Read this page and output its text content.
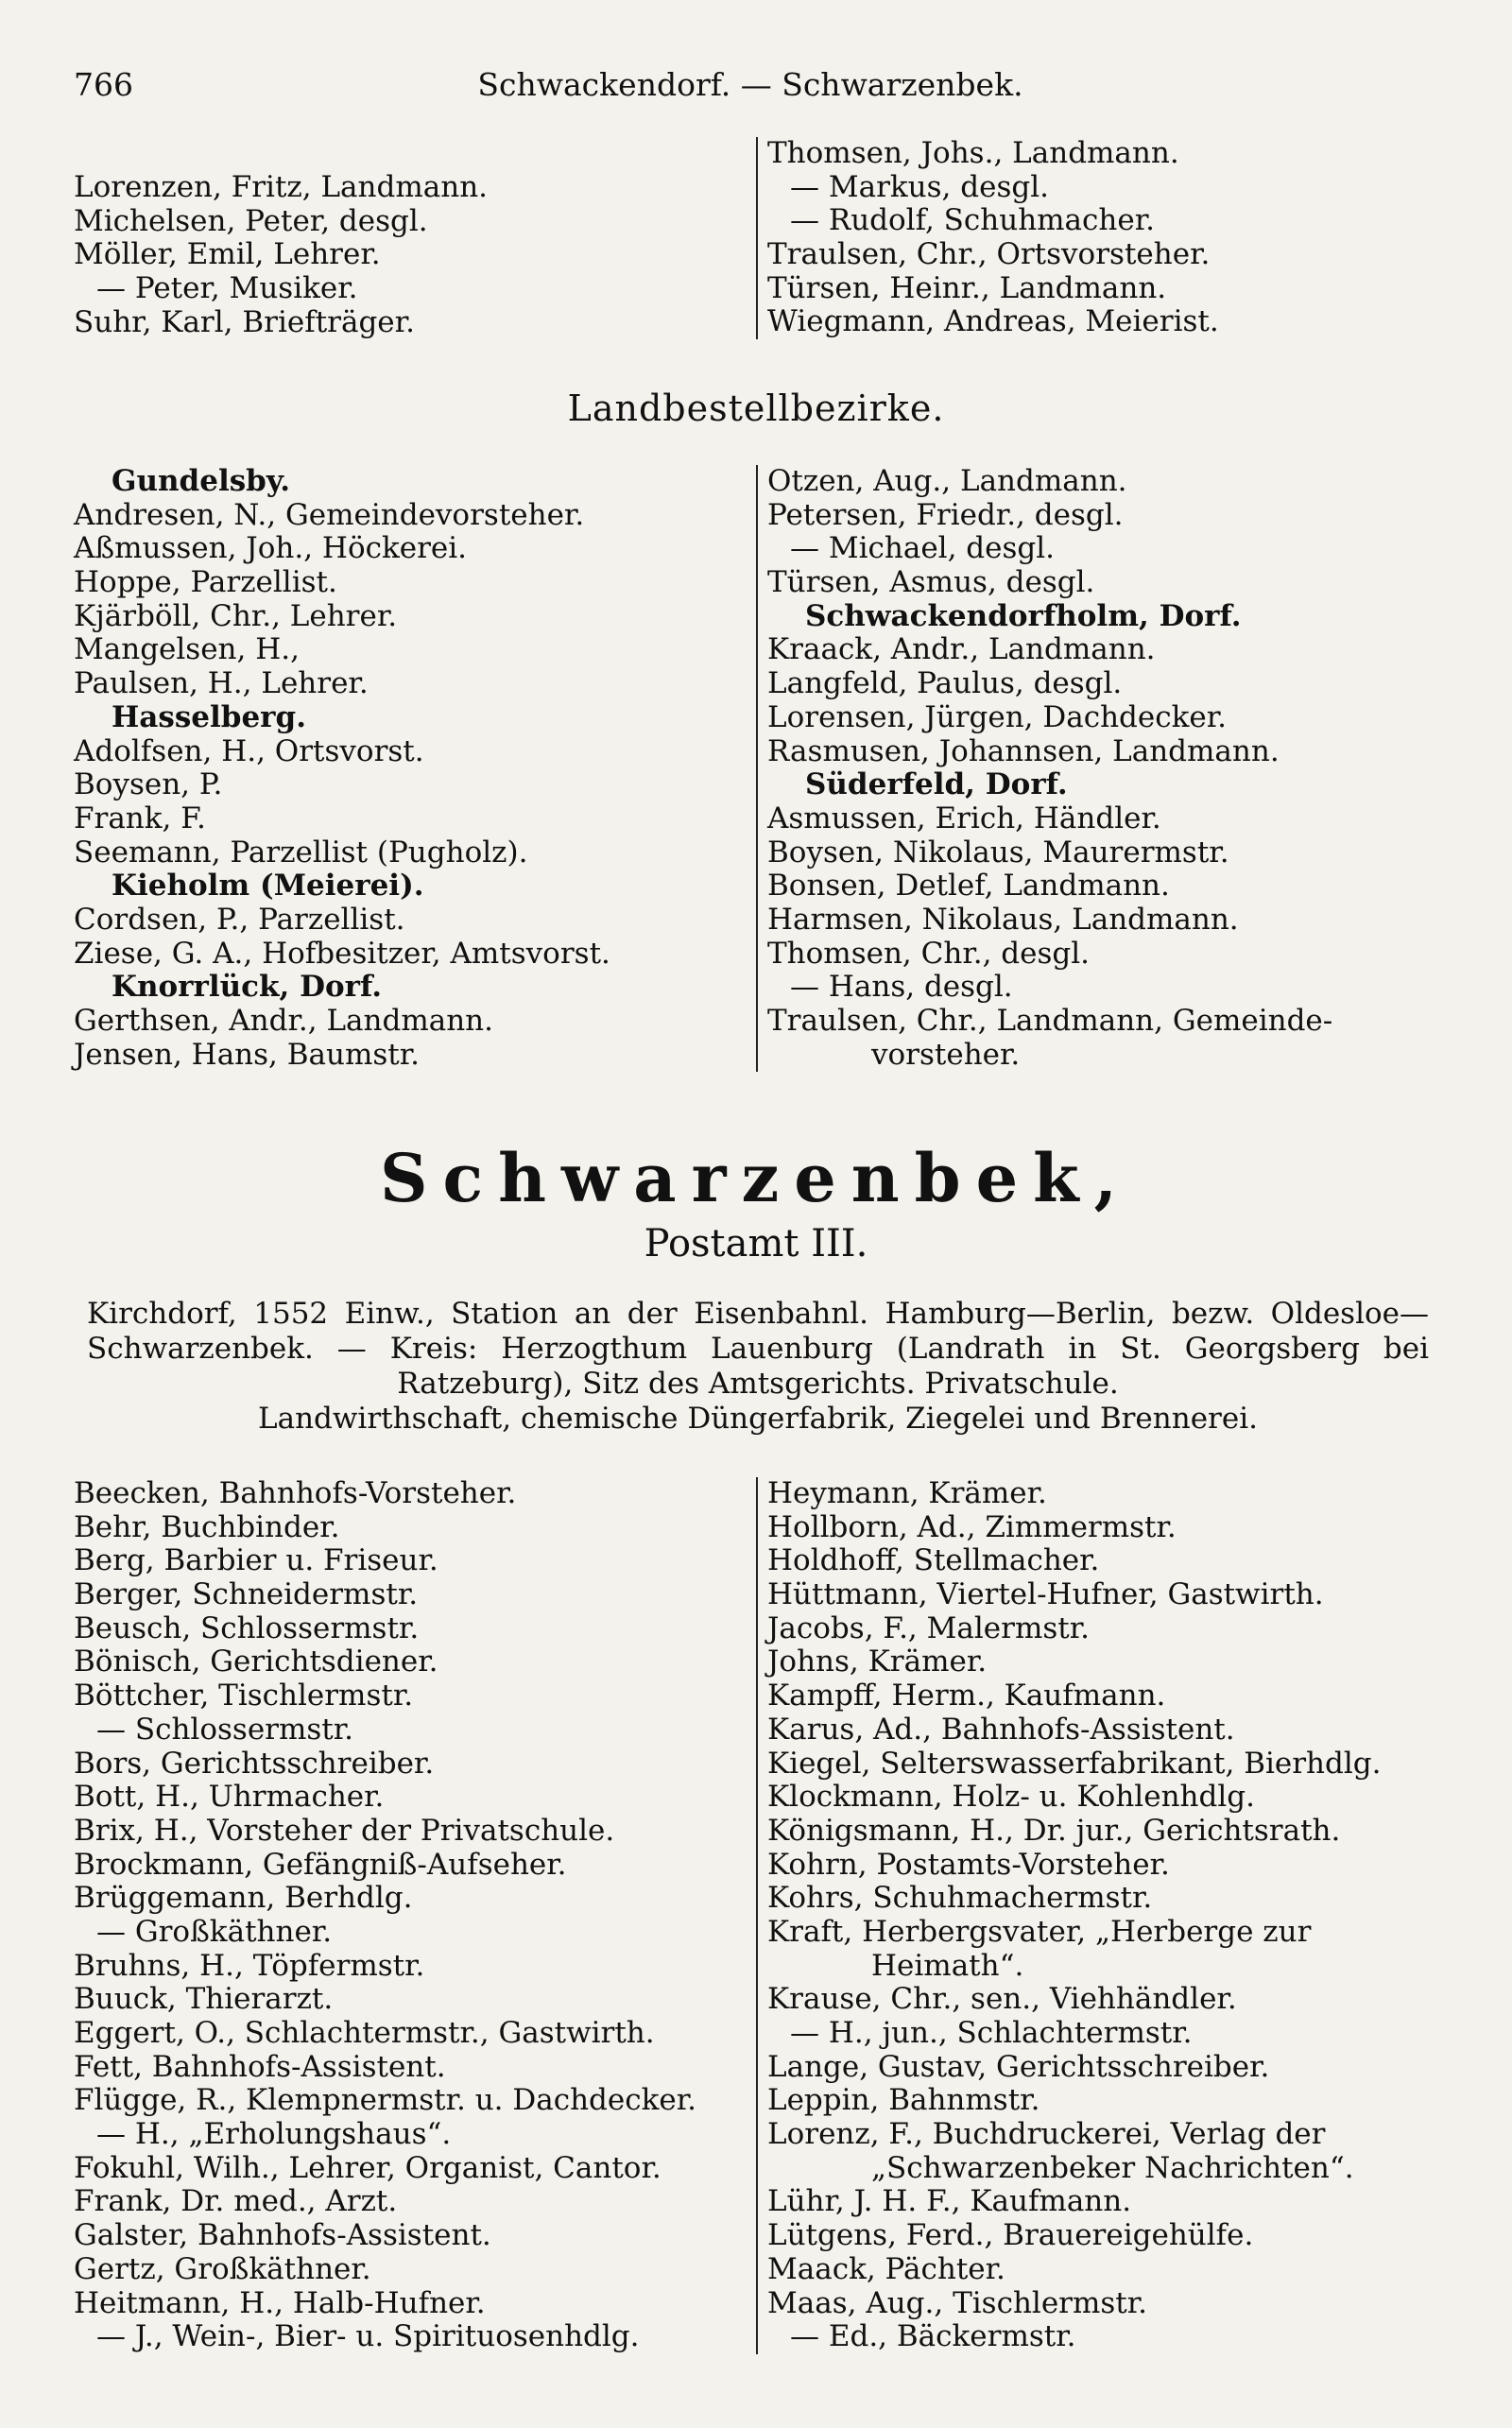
766	Schwackendorf. — Schwarzenbek.
Lorenzen, Fritz, Landmann.
Michelsen, Peter, desgl.
Möller, Emil, Lehrer.
— Peter, Musiker.
Suhr, Karl, Briefträger.
Thomsen, Johs., Landmann.
— Markus, desgl.
— Rudolf, Schuhmacher.
Traulsen, Chr., Ortsvorsteher.
Türsen, Heinr., Landmann.
Wiegmann, Andreas, Meierist.
Landbestellbezirke.
Gundelsby.
Andresen, N., Gemeindevorsteher.
Aßmussen, Joh., Höckerei.
Hoppe, Parzellist.
Kjärböll, Chr., Lehrer.
Mangelsen, H.,
Paulsen, H., Lehrer.
Hasselberg.
Adolfsen, H., Ortsvorst.
Boysen, P.
Frank, F.
Seemann, Parzellist (Pugholz).
Kieholm (Meierei).
Cordsen, P., Parzellist.
Ziese, G. A., Hofbesitzer, Amtsvorst.
Knorrlück, Dorf.
Gerthsen, Andr., Landmann.
Jensen, Hans, Baumstr.
Otzen, Aug., Landmann.
Petersen, Friedr., desgl.
— Michael, desgl.
Türsen, Asmus, desgl.
Schwackendorfholm, Dorf.
Kraack, Andr., Landmann.
Langfeld, Paulus, desgl.
Lorensen, Jürgen, Dachdecker.
Rasmusen, Johannsen, Landmann.
Süderfeld, Dorf.
Asmussen, Erich, Händler.
Boysen, Nikolaus, Maurermstr.
Bonsen, Detlef, Landmann.
Harmsen, Nikolaus, Landmann.
Thomsen, Chr., desgl.
— Hans, desgl.
Traulsen, Chr., Landmann, Gemeinde-
vorsteher.
Schwarzenbek,
Postamt III.
Kirchdorf, 1552 Einw., Station an der Eisenbahnl. Hamburg—Berlin, bezw. Oldesloe—
Schwarzenbek. — Kreis: Herzogthum Lauenburg (Landrath in St. Georgsberg bei
Ratzeburg), Sitz des Amtsgerichts. Privatschule.
Landwirthschaft, chemische Düngerfabrik, Ziegelei und Brennerei.
Beecken, Bahnhofs-Vorsteher.
Behr, Buchbinder.
Berg, Barbier u. Friseur.
Berger, Schneidermstr.
Beusch, Schlossermstr.
Bönisch, Gerichtsdiener.
Böttcher, Tischlermstr.
— Schlossermstr.
Bors, Gerichtsschreiber.
Bott, H., Uhrmacher.
Brix, H., Vorsteher der Privatschule.
Brockmann, Gefängniß-Aufseher.
Brüggemann, Berhdlg.
— Großkäthner.
Bruhns, H., Töpfermstr.
Buuck, Thierarzt.
Eggert, O., Schlachtermstr., Gastwirth.
Fett, Bahnhofs-Assistent.
Flügge, R., Klempnermstr. u. Dachdecker.
— H., „Erholungshaus“.
Fokuhl, Wilh., Lehrer, Organist, Cantor.
Frank, Dr. med., Arzt.
Galster, Bahnhofs-Assistent.
Gertz, Großkäthner.
Heitmann, H., Halb-Hufner.
— J., Wein-, Bier- u. Spirituosenhdlg.
Heymann, Krämer.
Hollborn, Ad., Zimmermstr.
Holdhoff, Stellmacher.
Hüttmann, Viertel-Hufner, Gastwirth.
Jacobs, F., Malermstr.
Johns, Krämer.
Kampff, Herm., Kaufmann.
Karus, Ad., Bahnhofs-Assistent.
Kiegel, Selterswasserfabrikant, Bierhdlg.
Klockmann, Holz- u. Kohlenhdlg.
Königsmann, H., Dr. jur., Gerichtsrath.
Kohrn, Postamts-Vorsteher.
Kohrs, Schuhmachermstr.
Kraft, Herbergsvater, „Herberge zur
Heimath“.
Krause, Chr., sen., Viehhändler.
— H., jun., Schlachtermstr.
Lange, Gustav, Gerichtsschreiber.
Leppin, Bahnmstr.
Lorenz, F., Buchdruckerei, Verlag der
„Schwarzenbeker Nachrichten“.
Lühr, J. H. F., Kaufmann.
Lütgens, Ferd., Brauereigehülfe.
Maack, Pächter.
Maas, Aug., Tischlermstr.
— Ed., Bäckermstr.
